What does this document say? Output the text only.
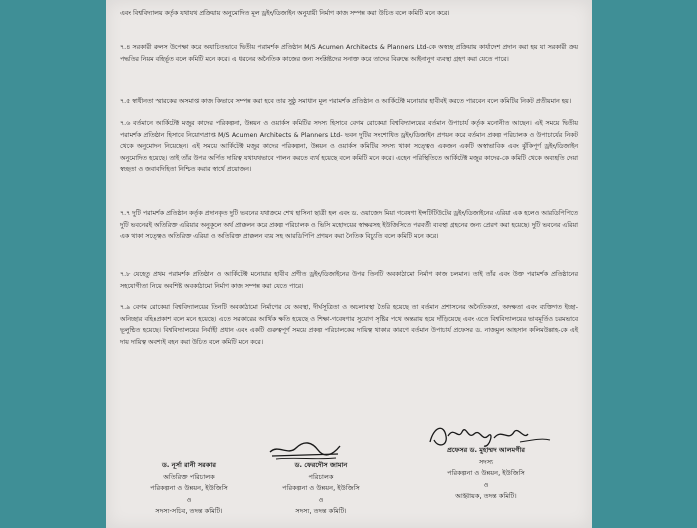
এবং বিশ্ববিদ্যালয় কর্তৃক যথাযথ প্রক্রিয়ায় অনুমোদিত মূল ড্রইং/ডিজাইন অনুযায়ী নির্মাণ কাজ সম্পন্ন করা উচিত বলে কমিটি মনে করে।
৭.৪ সরকারী রুলস উপেক্ষা করে অযাচিতভাবে দ্বিতীয় পরামর্শক প্রতিষ্ঠান M/S Acumen Architects & Planners Ltd-কে অস্বচ্ছ প্রক্রিয়ায় কার্যাদেশ প্রদান করা হয় যা সরকারী ক্রয় পদ্ধতির নিয়ম বহির্ভূত বলে কমিটি মনে করে। এ ধরনের অনৈতিক কাজের জন্য সংশ্লিষ্টদের সনাক্ত করে তাদের বিরুদ্ধে আইনানুগ ব্যবস্থা গ্রহণ করা যেতে পারে।
৭.৫ স্বাধীনতা স্মারকের অসমাপ্ত কাজ কিভাবে সম্পন্ন করা হবে তার সুষ্ঠু সমাধান মূল পরামর্শক প্রতিষ্ঠান ও আর্কিটেক্ট মনোয়ার হাবীবই করতে পারবেন বলে কমিটির নিকট প্রতীয়মান হয়।
৭.৬ বর্তমানে আর্কিটেক্ট মজুর কাদের পরিকল্পনা, উন্নয়ন ও ওয়ার্কস কমিটির সদস্য হিসাবে বেগম রোকেয়া বিশ্ববিদ্যালয়ের বর্তমান উপাচার্য কর্তৃক মনোনীত আছেন। এই সময়ে দ্বিতীয় পরামর্শক প্রতিষ্ঠান হিসাবে নিয়োগপ্রাপ্ত M/S Acumen Architects & Planners Ltd- ভবন দুটির সংশোধিত ড্রইং/ডিজাইন প্রণয়ন করে বর্তমান প্রকল্প পরিচালক ও উপাচার্যের নিকট থেকে অনুমোদন নিয়েছেন। এই সময়ে আর্কিটেক্ট মজুর কাদের পরিকল্পনা, উন্নয়ন ও ওয়ার্কস কমিটির সদস্য থাকা সত্ত্বেও একজন একটি অস্বাভাবিক এবং ঝুঁকিপূর্ণ ড্রইং/ডিজাইন অনুমোদিত হয়েছে। তাই তাঁর উপর অর্পিত দায়িত্ব যথাযথভাবে পালন করতে ব্যর্থ হয়েছে বলে কমিটি মনে করে। এহেন পরিস্থিতিতে আর্কিটেক্ট মজুর কাদের-কে কমিটি থেকে অব্যহতি দেয়া স্বচ্ছতা ও জবাবদিহিতা নিশ্চিত করার স্বার্থে প্রয়োজন।
৭.৭ দুটি পরামর্শক প্রতিষ্ঠান কর্তৃক প্রদানকৃত দুটি ভবনের যথাক্রমে শেখ হাসিনা ছাত্রী হল এবং ড. ওয়াজেদ মিয়া গবেষণা ইন্সটিটিউটের ড্রইং/ডিজাইনের এরিয়া এক হলেও আরডিপিপিতে দুটি ভবনেরই অতিরিক্ত এরিয়ার অনুকূলে অর্থ প্রাক্কলন করে প্রকল্প পরিচালক ও ভিসি মহোদয়ের স্বাক্ষরসহ ইউজিসিতে পরবর্তী ব্যবস্থা গ্রহনের জন্য প্রেরণ করা হয়েছে। দুটি ভবনের এরিয়া এক থাকা সত্ত্বেও অতিরিক্ত এরিয়া ও অতিরিক্ত প্রাক্কলন ব্যয় সহ আরডিপিপি প্রণয়ন করা নৈতিক বিচ্যুতি বলে কমিটি মনে করে।
৭.৮ যেহেতু প্রথম পরামর্শক প্রতিষ্ঠান ও আর্কিটেক্ট মনোয়ার হাবীব প্রণীত ড্রইং/ডিজাইনের উপর তিনটি অবকাঠামো নির্মাণ কাজ চলমান। তাই তাঁর এবং উক্ত পরামর্শক প্রতিষ্ঠানের সহযোগীতা নিয়ে অবশিষ্ট অবকাঠামো নির্মাণ কাজ সম্পন্ন করা যেতে পারে।
৭.৯ বেগম রোকেয়া বিশ্ববিদ্যালয়ের তিনটি অবকাঠামো নির্মাণের যে অবস্থা, দীর্ঘসূত্রিতা ও অচলাবস্থা তৈরি হয়েছে তা বর্তমান প্রশাসনের অনৈতিকতা, অদক্ষতা এবং ব্যক্তিগত ইচ্ছা-অনিচ্ছার বহিঃপ্রকাশ বলে মনে হয়েছে। এতে সরকারের আর্থিক ক্ষতি হয়েছে ও শিক্ষা-গবেষণার সুযোগ সৃষ্টির পথে অন্তরায় হয়ে দাঁড়িয়েছে এবং এতে বিশ্ববিদ্যালয়ের ভাবমূর্তিও চরমভাবে ভূলুণ্ঠিত হয়েছে। বিশ্ববিদ্যালয়ের নির্বাহী প্রধান এবং একটি গুরুত্বপূর্ণ সময়ে প্রকল্প পরিচালকের দায়িত্ব থাকার কারণে বর্তমান উপাচার্য প্রফেসর ড. নাজমুল আহসান কলিমউল্লাহ-কে এই দায় দায়িত্ব অবশ্যই বহন করা উচিত বলে কমিটি মনে করে।
ড. নূর্সা রানী সরকার
অতিরিক্ত পরিচালক
পরিকল্পনা ও উন্নয়ন, ইউজিসি
ও
সদস্য-সচিব, তদন্ত কমিটি।
ড. ফেরদৌস জামান
পরিচালক
পরিকল্পনা ও উন্নয়ন, ইউজিসি
ও
সদস্য, তদন্ত কমিটি।
প্রফেসর ড. মুহাম্মদ আলমগীর
সদস্য
পরিকল্পনা ও উন্নয়ন, ইউজিসি
ও
আহ্বায়ক, তদন্ত কমিটি।
